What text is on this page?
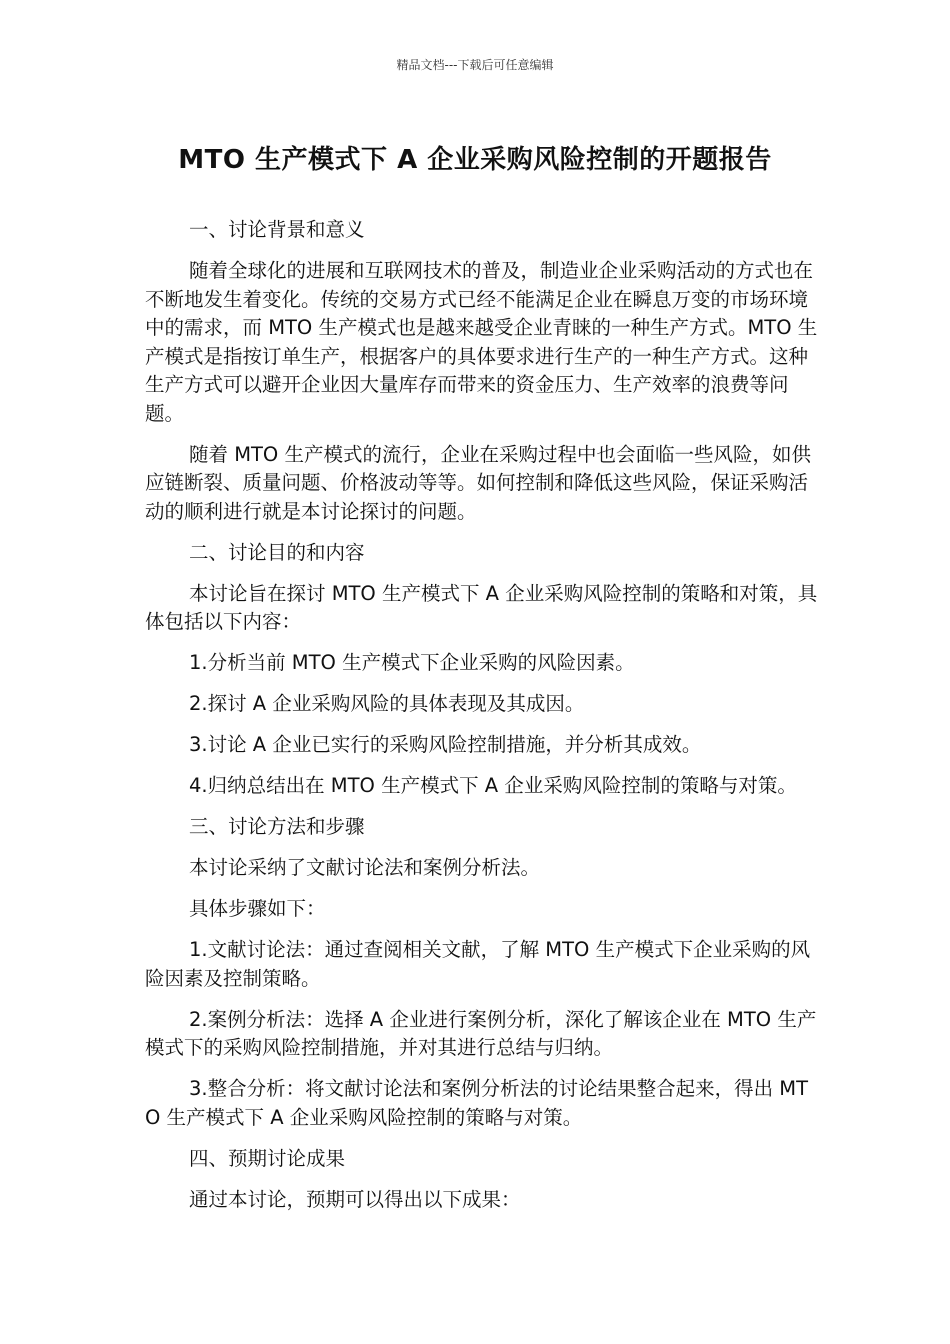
精品文档---下载后可任意编辑
MTO 生产模式下 A 企业采购风险控制的开题报告
一、讨论背景和意义
随着全球化的进展和互联网技术的普及，制造业企业采购活动的方式也在不断地发生着变化。传统的交易方式已经不能满足企业在瞬息万变的市场环境中的需求，而 MTO 生产模式也是越来越受企业青睐的一种生产方式。MTO 生产模式是指按订单生产，根据客户的具体要求进行生产的一种生产方式。这种生产方式可以避开企业因大量库存而带来的资金压力、生产效率的浪费等问题。
随着 MTO 生产模式的流行，企业在采购过程中也会面临一些风险，如供应链断裂、质量问题、价格波动等等。如何控制和降低这些风险，保证采购活动的顺利进行就是本讨论探讨的问题。
二、讨论目的和内容
本讨论旨在探讨 MTO 生产模式下 A 企业采购风险控制的策略和对策，具体包括以下内容：
1.分析当前 MTO 生产模式下企业采购的风险因素。
2.探讨 A 企业采购风险的具体表现及其成因。
3.讨论 A 企业已实行的采购风险控制措施，并分析其成效。
4.归纳总结出在 MTO 生产模式下 A 企业采购风险控制的策略与对策。
三、讨论方法和步骤
本讨论采纳了文献讨论法和案例分析法。
具体步骤如下：
1.文献讨论法：通过查阅相关文献，了解 MTO 生产模式下企业采购的风险因素及控制策略。
2.案例分析法：选择 A 企业进行案例分析，深化了解该企业在 MTO 生产模式下的采购风险控制措施，并对其进行总结与归纳。
3.整合分析：将文献讨论法和案例分析法的讨论结果整合起来，得出 MTO 生产模式下 A 企业采购风险控制的策略与对策。
四、预期讨论成果
通过本讨论，预期可以得出以下成果：
